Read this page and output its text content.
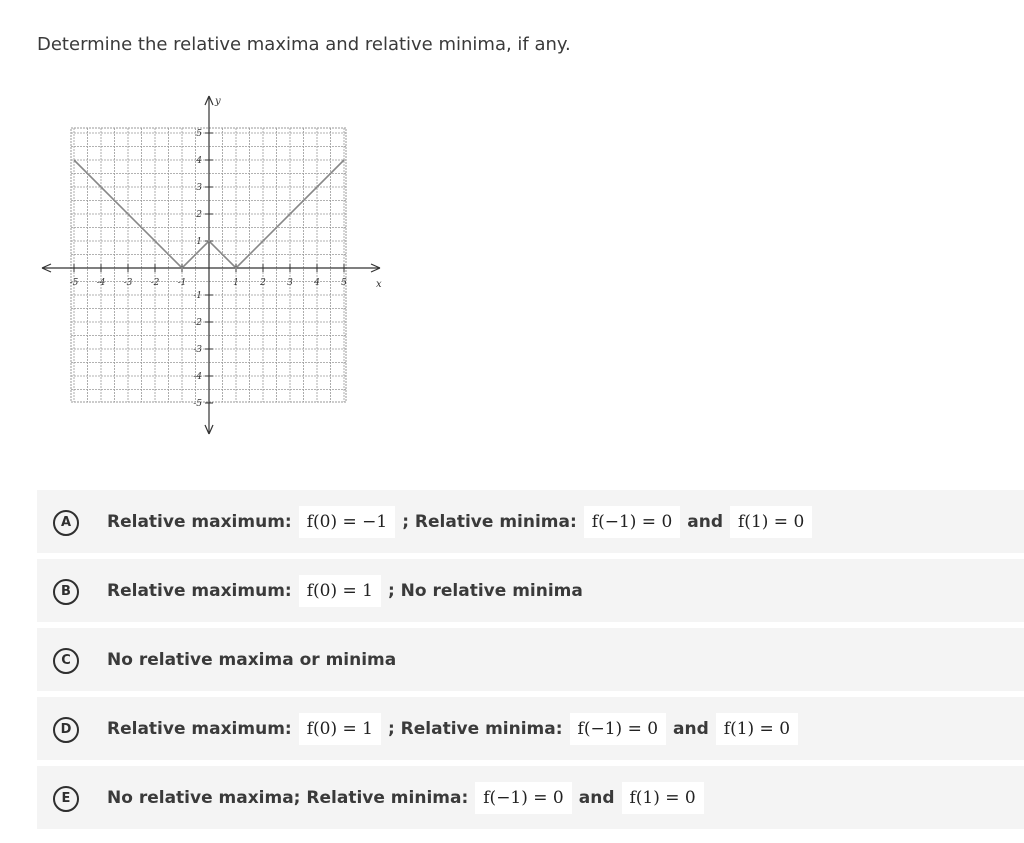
Determine the relative maxima and relative minima, if any.
x
y
-5 -4 -3 -2 -1	1 2 3 4 5
5
4
3
2
1
-1
-2
-3
-4
-5
A	Relative maximum: f(0) = −1 ; Relative minima: f(−1) = 0 and f(1) = 0
B	Relative maximum: f(0) = 1 ; No relative minima
C	No relative maxima or minima
D	Relative maximum: f(0) = 1 ; Relative minima: f(−1) = 0 and f(1) = 0
E	No relative maxima; Relative minima: f(−1) = 0 and f(1) = 0
